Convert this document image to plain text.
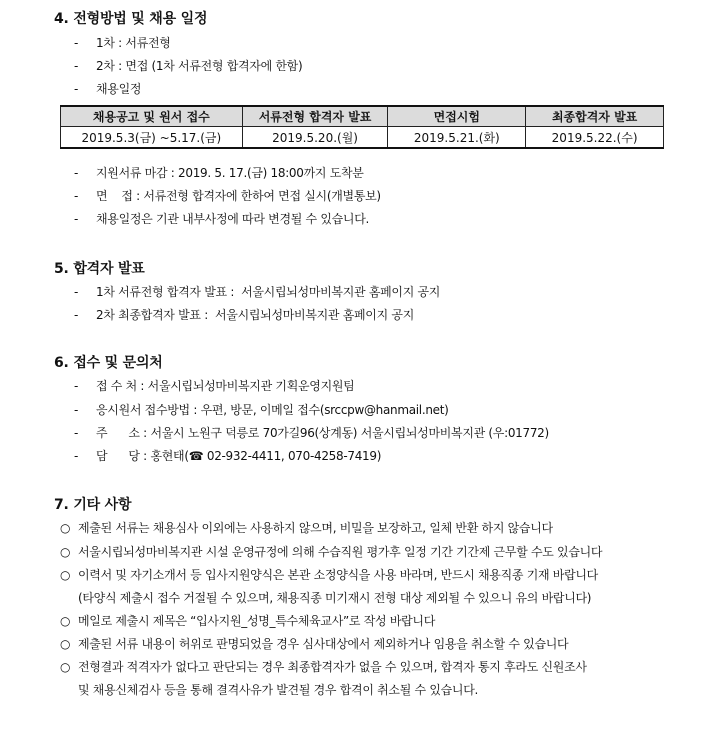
4. 전형방법 및 채용 일정
- 1차 : 서류전형
- 2차 : 면접 (1차 서류전형 합격자에 한함)
- 채용일정
채용공고 및 원서 접수	서류전형 합격자 발표	면접시험	최종합격자 발표
2019.5.3(금) ~5.17.(금)	2019.5.20.(월)	2019.5.21.(화)	2019.5.22.(수)
- 지원서류 마감 : 2019. 5. 17.(금) 18:00까지 도착분
- 면    접 : 서류전형 합격자에 한하여 면접 실시(개별통보)
- 채용일정은 기관 내부사정에 따라 변경될 수 있습니다.
5. 합격자 발표
- 1차 서류전형 합격자 발표 :  서울시립뇌성마비복지관 홈페이지 공지
- 2차 최종합격자 발표 :  서울시립뇌성마비복지관 홈페이지 공지
6. 접수 및 문의처
- 접 수 처 : 서울시립뇌성마비복지관 기획운영지원팀
- 응시원서 접수방법 : 우편, 방문, 이메일 접수(srccpw@hanmail.net)
- 주      소 : 서울시 노원구 덕릉로 70가길96(상계동) 서울시립뇌성마비복지관 (우:01772)
- 담      당 : 홍현태(☎ 02-932-4411, 070-4258-7419)
7. 기타 사항
○ 제출된 서류는 채용심사 이외에는 사용하지 않으며, 비밀을 보장하고, 일체 반환 하지 않습니다
○ 서울시립뇌성마비복지관 시설 운영규정에 의해 수습직원 평가후 일정 기간 기간제 근무할 수도 있습니다
○ 이력서 및 자기소개서 등 입사지원양식은 본관 소정양식을 사용 바라며, 반드시 채용직종 기재 바랍니다
(타양식 제출시 접수 거절될 수 있으며, 채용직종 미기재시 전형 대상 제외될 수 있으니 유의 바랍니다)
○ 메일로 제출시 제목은 “입사지원_성명_특수체육교사”로 작성 바랍니다
○ 제출된 서류 내용이 허위로 판명되었을 경우 심사대상에서 제외하거나 임용을 취소할 수 있습니다
○ 전형결과 적격자가 없다고 판단되는 경우 최종합격자가 없을 수 있으며, 합격자 통지 후라도 신원조사
및 채용신체검사 등을 통해 결격사유가 발견될 경우 합격이 취소될 수 있습니다.
